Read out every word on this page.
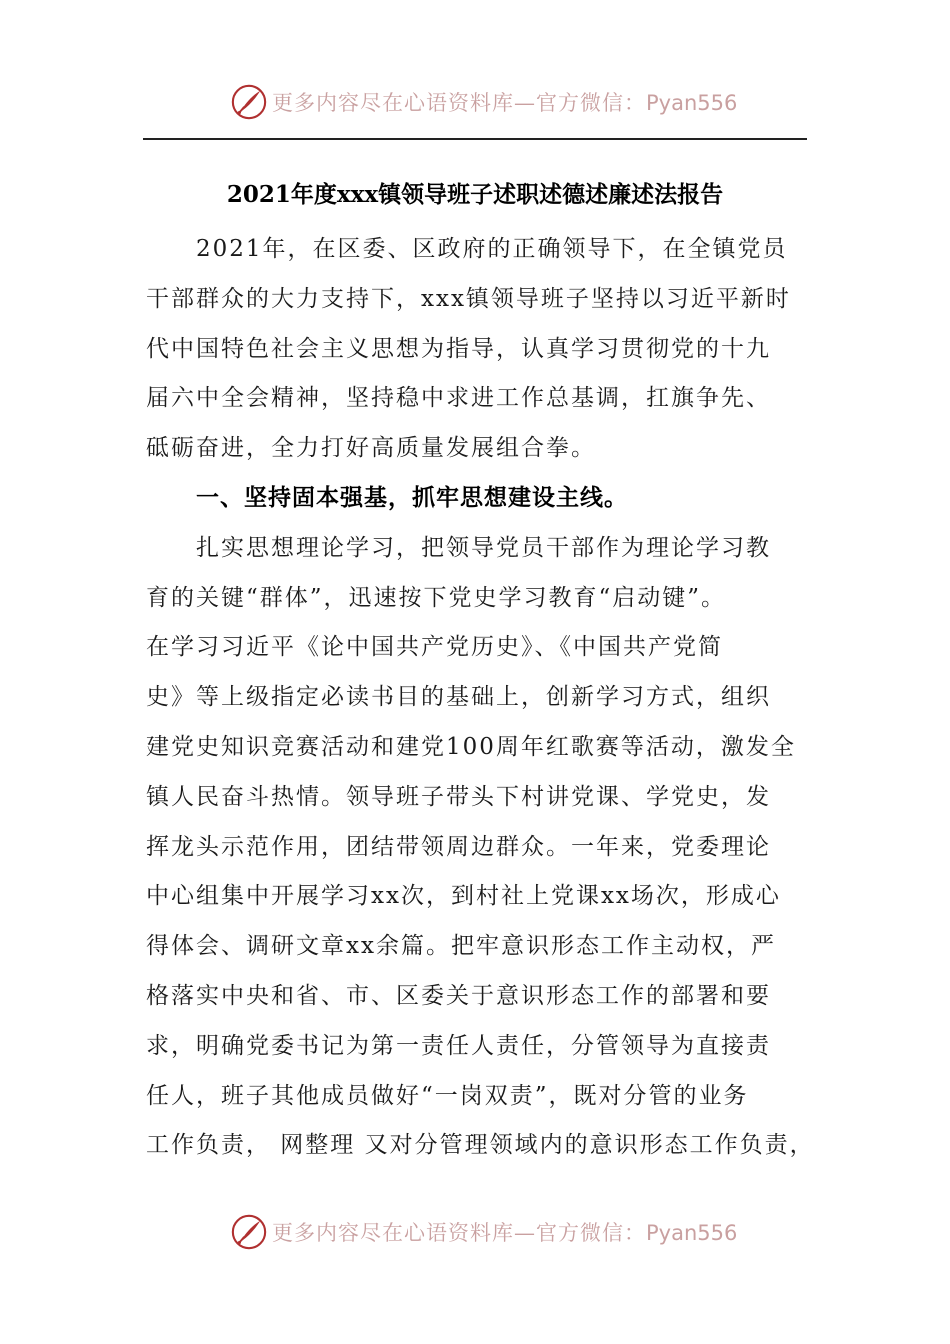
更多内容尽在心语资料库—官方微信：Pyan556
2021年度xxx镇领导班子述职述德述廉述法报告
2021年，在区委、区政府的正确领导下，在全镇党员
干部群众的大力支持下，xxx镇领导班子坚持以习近平新时
代中国特色社会主义思想为指导，认真学习贯彻党的十九
届六中全会精神，坚持稳中求进工作总基调，扛旗争先、
砥砺奋进，全力打好高质量发展组合拳。
一、坚持固本强基，抓牢思想建设主线。
扎实思想理论学习，把领导党员干部作为理论学习教
育的关键“群体”，迅速按下党史学习教育“启动键”。
在学习习近平《论中国共产党历史》、《中国共产党简
史》等上级指定必读书目的基础上，创新学习方式，组织
建党史知识竞赛活动和建党100周年红歌赛等活动，激发全
镇人民奋斗热情。领导班子带头下村讲党课、学党史，发
挥龙头示范作用，团结带领周边群众。一年来，党委理论
中心组集中开展学习xx次，到村社上党课xx场次，形成心
得体会、调研文章xx余篇。把牢意识形态工作主动权，严
格落实中央和省、市、区委关于意识形态工作的部署和要
求，明确党委书记为第一责任人责任，分管领导为直接责
任人，班子其他成员做好“一岗双责”，既对分管的业务
工作负责， 网整理 又对分管理领域内的意识形态工作负责，
更多内容尽在心语资料库—官方微信：Pyan556
